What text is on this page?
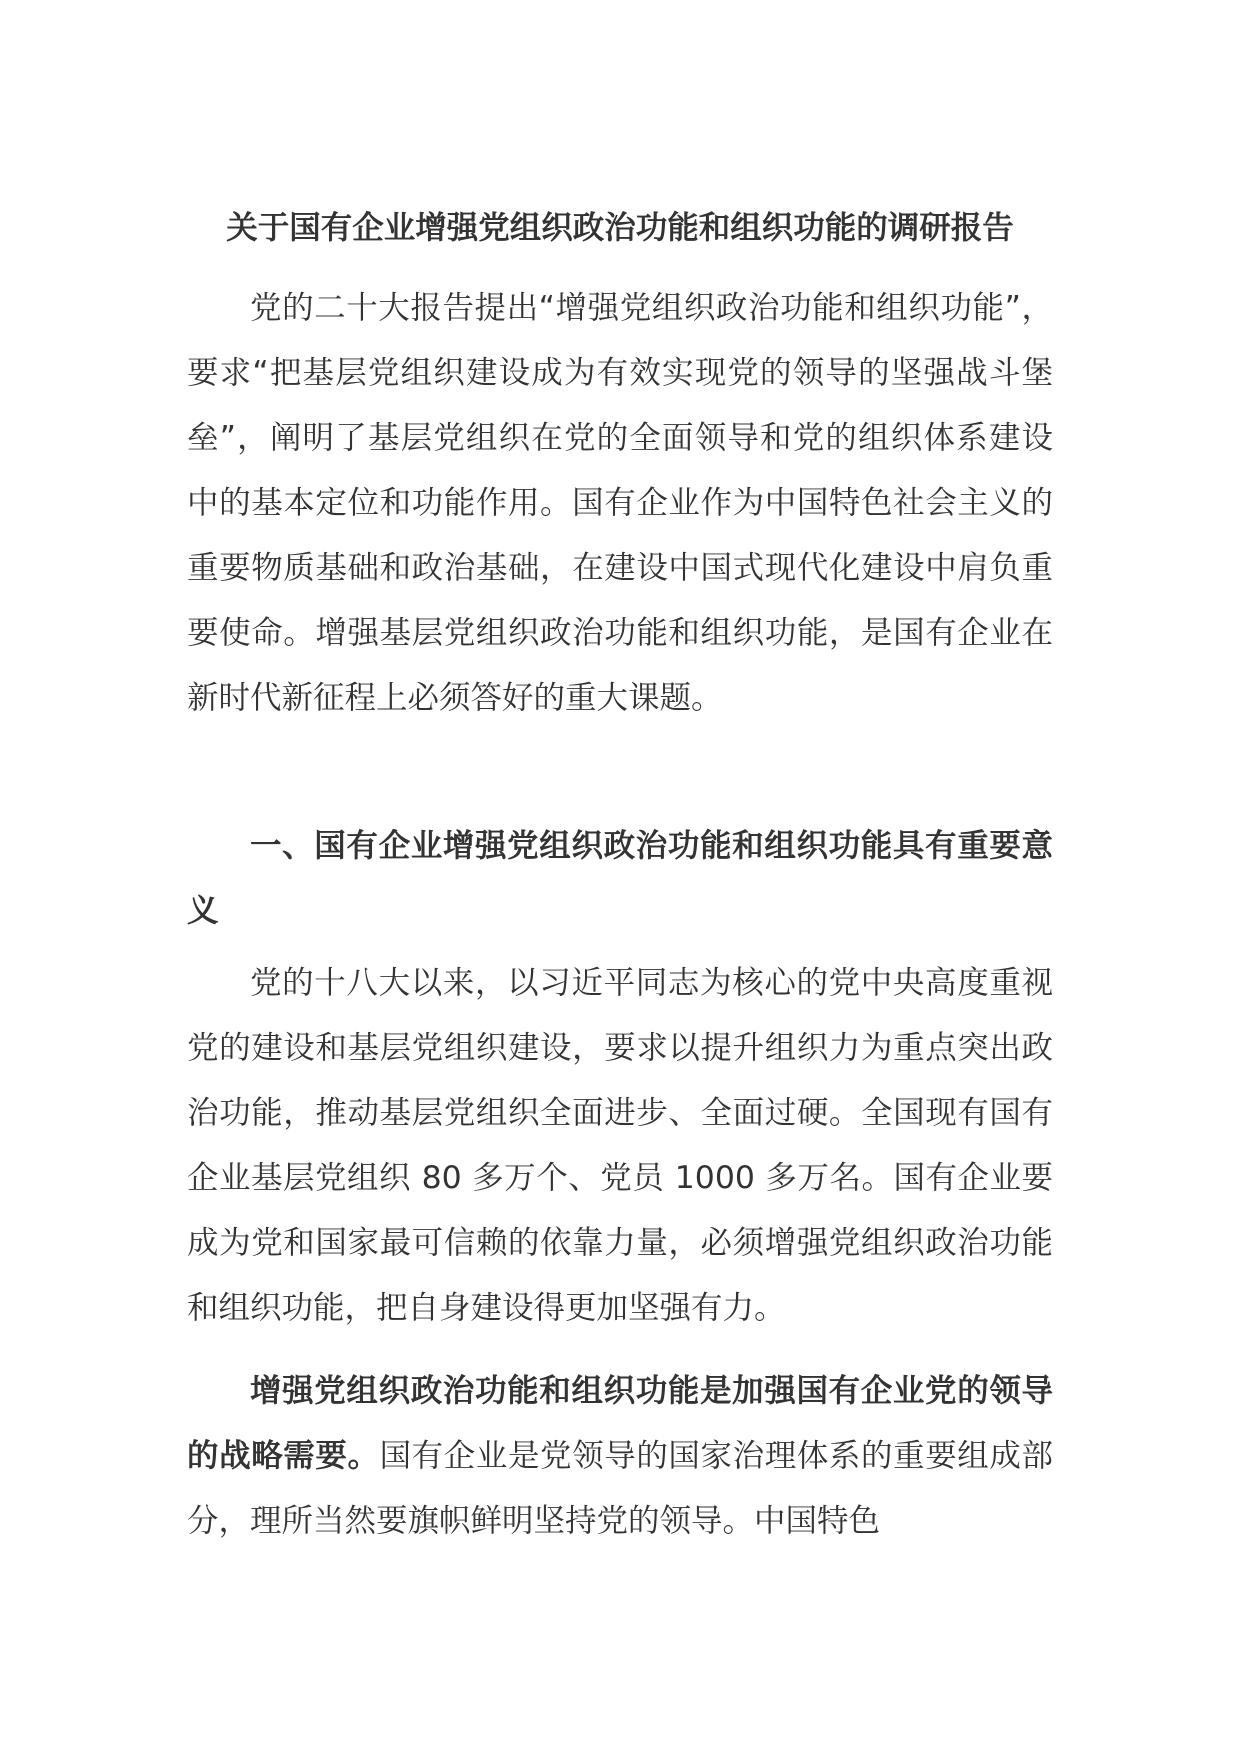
关于国有企业增强党组织政治功能和组织功能的调研报告

党的二十大报告提出“增强党组织政治功能和组织功能”，要求“把基层党组织建设成为有效实现党的领导的坚强战斗堡垒”，阐明了基层党组织在党的全面领导和党的组织体系建设中的基本定位和功能作用。国有企业作为中国特色社会主义的重要物质基础和政治基础，在建设中国式现代化建设中肩负重要使命。增强基层党组织政治功能和组织功能，是国有企业在新时代新征程上必须答好的重大课题。

一、国有企业增强党组织政治功能和组织功能具有重要意义

党的十八大以来，以习近平同志为核心的党中央高度重视党的建设和基层党组织建设，要求以提升组织力为重点突出政治功能，推动基层党组织全面进步、全面过硬。全国现有国有企业基层党组织 80 多万个、党员 1000 多万名。国有企业要成为党和国家最可信赖的依靠力量，必须增强党组织政治功能和组织功能，把自身建设得更加坚强有力。

增强党组织政治功能和组织功能是加强国有企业党的领导的战略需要。国有企业是党领导的国家治理体系的重要组成部分，理所当然要旗帜鲜明坚持党的领导。中国特色
